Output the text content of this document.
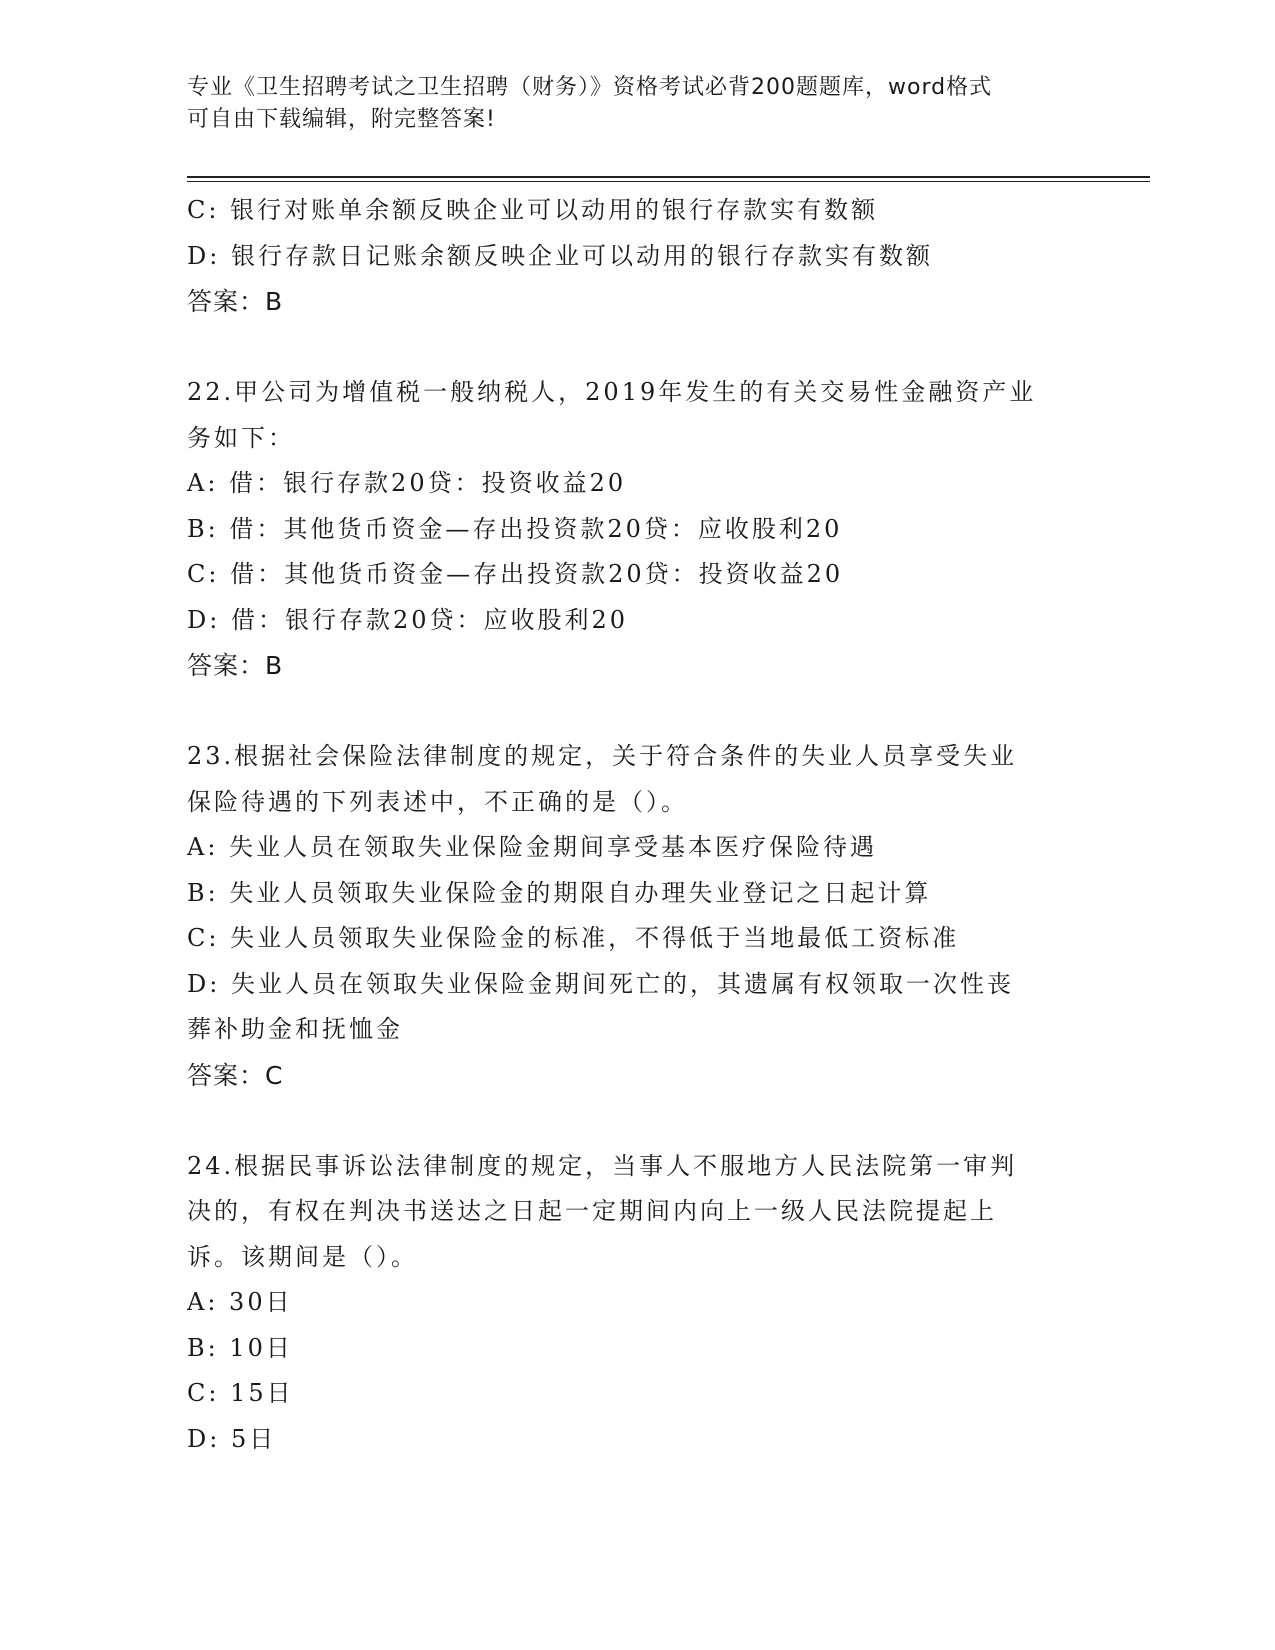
专业《卫生招聘考试之卫生招聘（财务）》资格考试必背200题题库，word格式
可自由下载编辑，附完整答案!
C: 银行对账单余额反映企业可以动用的银行存款实有数额
D: 银行存款日记账余额反映企业可以动用的银行存款实有数额
答案：B
22.甲公司为增值税一般纳税人，2019年发生的有关交易性金融资产业
务如下：
A: 借：银行存款20贷：投资收益20
B: 借：其他货币资金—存出投资款20贷：应收股利20
C: 借：其他货币资金—存出投资款20贷：投资收益20
D: 借：银行存款20贷：应收股利20
答案：B
23.根据社会保险法律制度的规定，关于符合条件的失业人员享受失业
保险待遇的下列表述中，不正确的是（）。
A: 失业人员在领取失业保险金期间享受基本医疗保险待遇
B: 失业人员领取失业保险金的期限自办理失业登记之日起计算
C: 失业人员领取失业保险金的标准，不得低于当地最低工资标准
D: 失业人员在领取失业保险金期间死亡的，其遗属有权领取一次性丧
葬补助金和抚恤金
答案：C
24.根据民事诉讼法律制度的规定，当事人不服地方人民法院第一审判
决的，有权在判决书送达之日起一定期间内向上一级人民法院提起上
诉。该期间是（）。
A: 30日
B: 10日
C: 15日
D: 5日
